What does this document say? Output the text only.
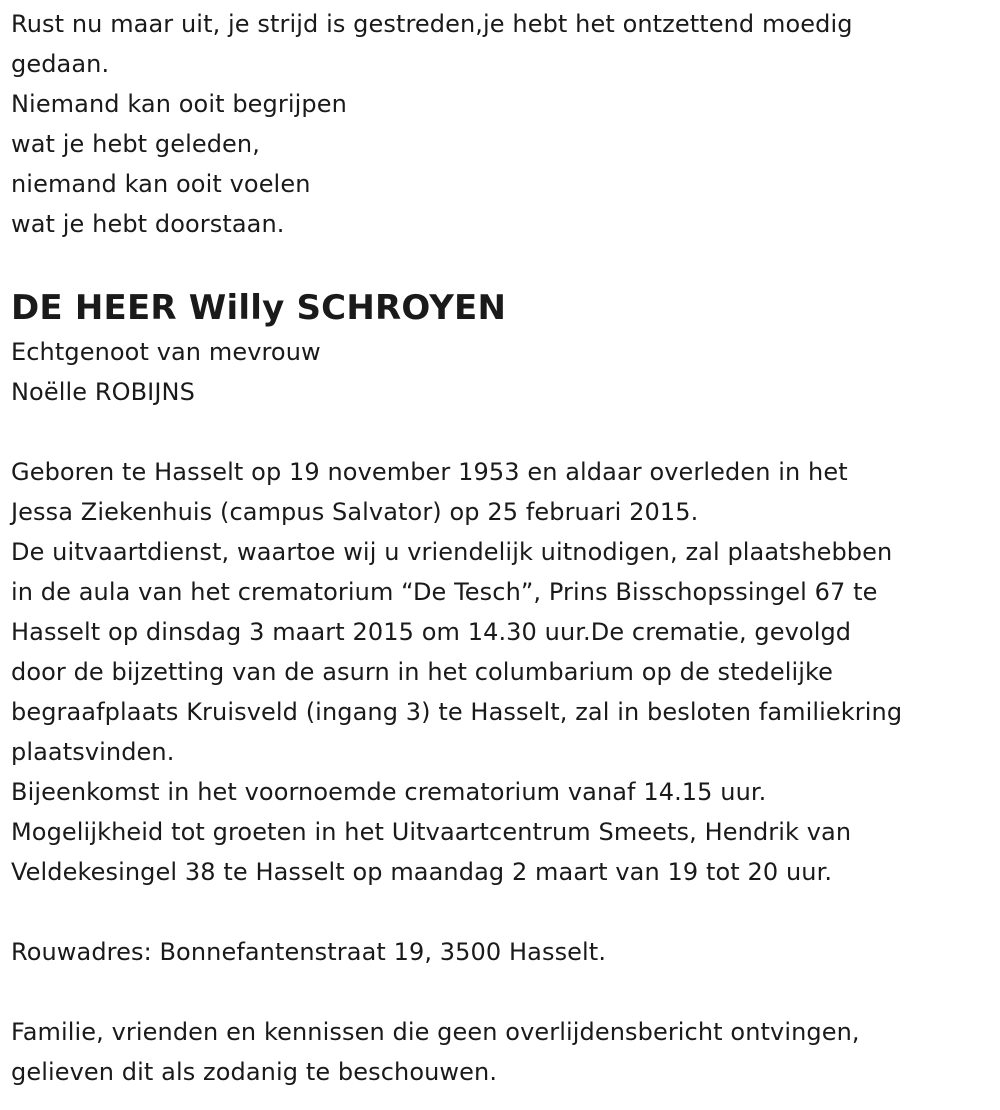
Rust nu maar uit, je strijd is gestreden,je hebt het ontzettend moedig
gedaan.
Niemand kan ooit begrijpen
wat je hebt geleden,
niemand kan ooit voelen
wat je hebt doorstaan.
DE HEER Willy SCHROYEN
Echtgenoot van mevrouw
Noëlle ROBIJNS
Geboren te Hasselt op 19 november 1953 en aldaar overleden in het
Jessa Ziekenhuis (campus Salvator) op 25 februari 2015.
De uitvaartdienst, waartoe wij u vriendelijk uitnodigen, zal plaatshebben
in de aula van het crematorium “De Tesch”, Prins Bisschopssingel 67 te
Hasselt op dinsdag 3 maart 2015 om 14.30 uur.De crematie, gevolgd
door de bijzetting van de asurn in het columbarium op de stedelijke
begraafplaats Kruisveld (ingang 3) te Hasselt, zal in besloten familiekring
plaatsvinden.
Bijeenkomst in het voornoemde crematorium vanaf 14.15 uur.
Mogelijkheid tot groeten in het Uitvaartcentrum Smeets, Hendrik van
Veldekesingel 38 te Hasselt op maandag 2 maart van 19 tot 20 uur.
Rouwadres: Bonnefantenstraat 19, 3500 Hasselt.
Familie, vrienden en kennissen die geen overlijdensbericht ontvingen,
gelieven dit als zodanig te beschouwen.
